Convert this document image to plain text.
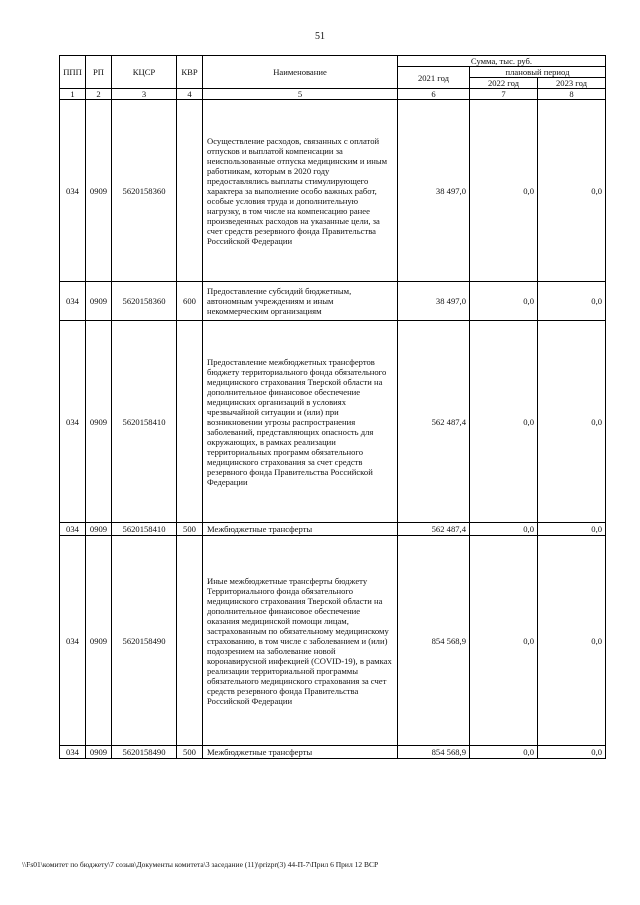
51
ППП	РП	КЦСР	КВР	Наименование	Сумма, тыс. руб.		
					2021 год	плановый период	
						2022 год	2023 год
1	2	3	4	5	6	7	8
034	0909	5620158360		Осуществление расходов, связанных с оплатой отпусков и выплатой компенсации за неиспользованные отпуска медицинским и иным работникам, которым в 2020 году предоставлялись выплаты стимулирующего характера за выполнение особо важных работ, особые условия труда и дополнительную нагрузку, в том числе на компенсацию ранее произведенных расходов на указанные цели, за счет средств резервного фонда Правительства Российской Федерации	38 497,0	0,0	0,0
034	0909	5620158360	600	Предоставление субсидий бюджетным, автономным учреждениям и иным некоммерческим организациям	38 497,0	0,0	0,0
034	0909	5620158410		Предоставление межбюджетных трансфертов бюджету территориального фонда обязательного медицинского страхования Тверской области на дополнительное финансовое обеспечение медицинских организаций в условиях чрезвычайной ситуации и (или) при возникновении угрозы распространения заболеваний, представляющих опасность для окружающих, в рамках реализации территориальных программ обязательного медицинского страхования за счет средств резервного фонда Правительства Российской Федерации	562 487,4	0,0	0,0
034	0909	5620158410	500	Межбюджетные трансферты	562 487,4	0,0	0,0
034	0909	5620158490		Иные межбюджетные трансферты бюджету Территориального фонда обязательного медицинского страхования Тверской области на дополнительное финансовое обеспечение оказания медицинской помощи лицам, застрахованным по обязательному медицинскому страхованию, в том числе с заболеванием и (или) подозрением на заболевание новой коронавирусной инфекцией (COVID-19), в рамках реализации территориальной программы обязательного медицинского страхования за счет средств резервного фонда Правительства Российской Федерации	854 568,9	0,0	0,0
034	0909	5620158490	500	Межбюджетные трансферты	854 568,9	0,0	0,0
\\Fs01\комитет по бюджету\7 созыв\Документы комитета\3 заседание (11)\prizpr(3) 44-П-7\Прил 6 Прил 12 ВСР
